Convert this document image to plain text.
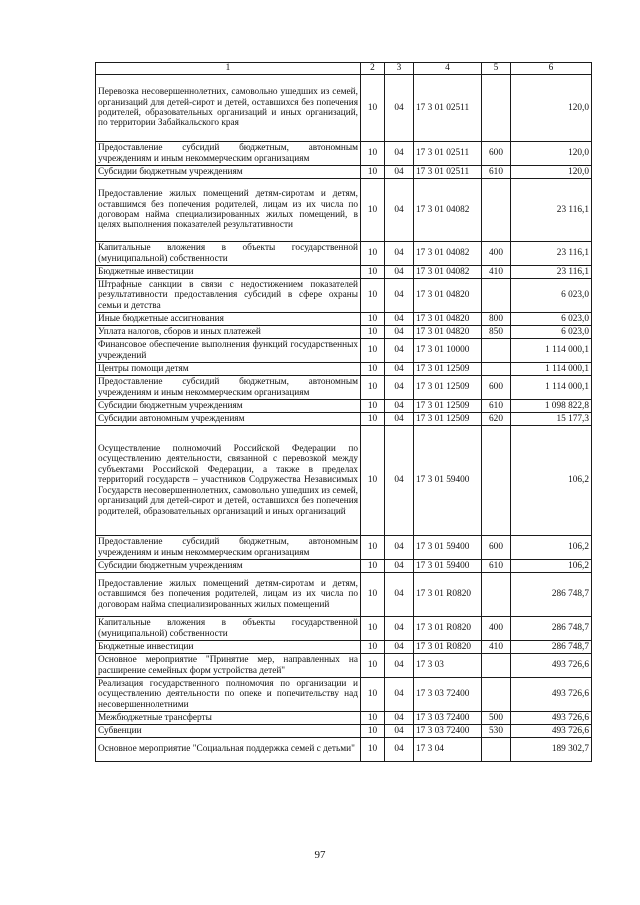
1	2	3	4	5	6
Перевозка несовершеннолетних, самовольно ушедших из семей, организаций для детей-сирот и детей, оставшихся без попечения родителей, образовательных организаций и иных организаций, по территории Забайкальского края	10	04	17 3 01 02511		120,0
Предоставление субсидий бюджетным, автономным учреждениям и иным некоммерческим организациям	10	04	17 3 01 02511	600	120,0
Субсидии бюджетным учреждениям	10	04	17 3 01 02511	610	120,0
Предоставление жилых помещений детям-сиротам и детям, оставшимся без попечения родителей, лицам из их числа по договорам найма специализированных жилых помещений, в целях выполнения показателей результативности	10	04	17 3 01 04082		23 116,1
Капитальные вложения в объекты государственной (муниципальной) собственности	10	04	17 3 01 04082	400	23 116,1
Бюджетные инвестиции	10	04	17 3 01 04082	410	23 116,1
Штрафные санкции в связи с недостижением показателей результативности предоставления субсидий в сфере охраны семьи и детства	10	04	17 3 01 04820		6 023,0
Иные бюджетные ассигнования	10	04	17 3 01 04820	800	6 023,0
Уплата налогов, сборов и иных платежей	10	04	17 3 01 04820	850	6 023,0
Финансовое обеспечение выполнения функций государственных учреждений	10	04	17 3 01 10000		1 114 000,1
Центры помощи детям	10	04	17 3 01 12509		1 114 000,1
Предоставление субсидий бюджетным, автономным учреждениям и иным некоммерческим организациям	10	04	17 3 01 12509	600	1 114 000,1
Субсидии бюджетным учреждениям	10	04	17 3 01 12509	610	1 098 822,8
Субсидии автономным учреждениям	10	04	17 3 01 12509	620	15 177,3
Осуществление полномочий Российской Федерации по осуществлению деятельности, связанной с перевозкой между субъектами Российской Федерации, а также в пределах территорий государств – участников Содружества Независимых Государств несовершеннолетних, самовольно ушедших из семей, организаций для детей-сирот и детей, оставшихся без попечения родителей, образовательных организаций и иных организаций	10	04	17 3 01 59400		106,2
Предоставление субсидий бюджетным, автономным учреждениям и иным некоммерческим организациям	10	04	17 3 01 59400	600	106,2
Субсидии бюджетным учреждениям	10	04	17 3 01 59400	610	106,2
Предоставление жилых помещений детям-сиротам и детям, оставшимся без попечения родителей, лицам из их числа по договорам найма специализированных жилых помещений	10	04	17 3 01 R0820		286 748,7
Капитальные вложения в объекты государственной (муниципальной) собственности	10	04	17 3 01 R0820	400	286 748,7
Бюджетные инвестиции	10	04	17 3 01 R0820	410	286 748,7
Основное мероприятие "Принятие мер, направленных на расширение семейных форм устройства детей"	10	04	17 3 03		493 726,6
Реализация государственного полномочия по организации и осуществлению деятельности по опеке и попечительству над несовершеннолетними	10	04	17 3 03 72400		493 726,6
Межбюджетные трансферты	10	04	17 3 03 72400	500	493 726,6
Субвенции	10	04	17 3 03 72400	530	493 726,6
Основное мероприятие "Социальная поддержка семей с детьми"	10	04	17 3 04		189 302,7
97
